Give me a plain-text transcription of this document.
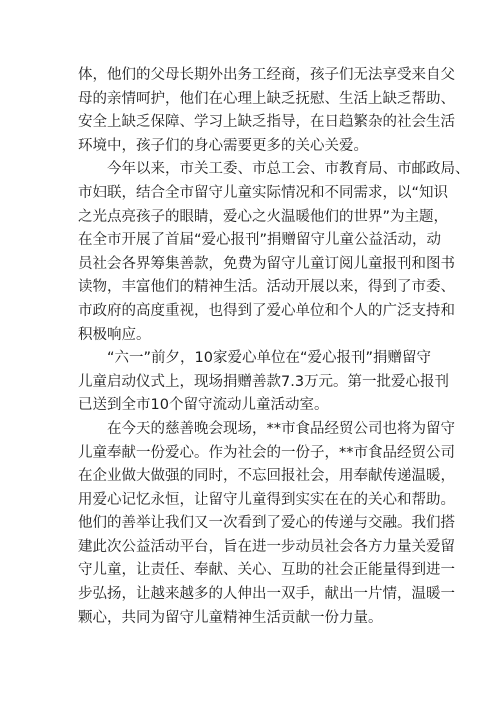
体，他们的父母长期外出务工经商，孩子们无法享受来自父
母的亲情呵护，他们在心理上缺乏抚慰、生活上缺乏帮助、
安全上缺乏保障、学习上缺乏指导，在日趋繁杂的社会生活
环境中，孩子们的身心需要更多的关心关爱。
　　今年以来，市关工委、市总工会、市教育局、市邮政局、
市妇联，结合全市留守儿童实际情况和不同需求，以“知识
之光点亮孩子的眼睛，爱心之火温暖他们的世界”为主题，
在全市开展了首届“爱心报刊”捐赠留守儿童公益活动，动
员社会各界筹集善款，免费为留守儿童订阅儿童报刊和图书
读物，丰富他们的精神生活。活动开展以来，得到了市委、
市政府的高度重视，也得到了爱心单位和个人的广泛支持和
积极响应。
　　“六一”前夕，10家爱心单位在“爱心报刊”捐赠留守
儿童启动仪式上，现场捐赠善款7.3万元。第一批爱心报刊
已送到全市10个留守流动儿童活动室。
　　在今天的慈善晚会现场，**市食品经贸公司也将为留守
儿童奉献一份爱心。作为社会的一份子，**市食品经贸公司
在企业做大做强的同时，不忘回报社会，用奉献传递温暖，
用爱心记忆永恒，让留守儿童得到实实在在的关心和帮助。
他们的善举让我们又一次看到了爱心的传递与交融。我们搭
建此次公益活动平台，旨在进一步动员社会各方力量关爱留
守儿童，让责任、奉献、关心、互助的社会正能量得到进一
步弘扬，让越来越多的人伸出一双手，献出一片情，温暖一
颗心，共同为留守儿童精神生活贡献一份力量。
